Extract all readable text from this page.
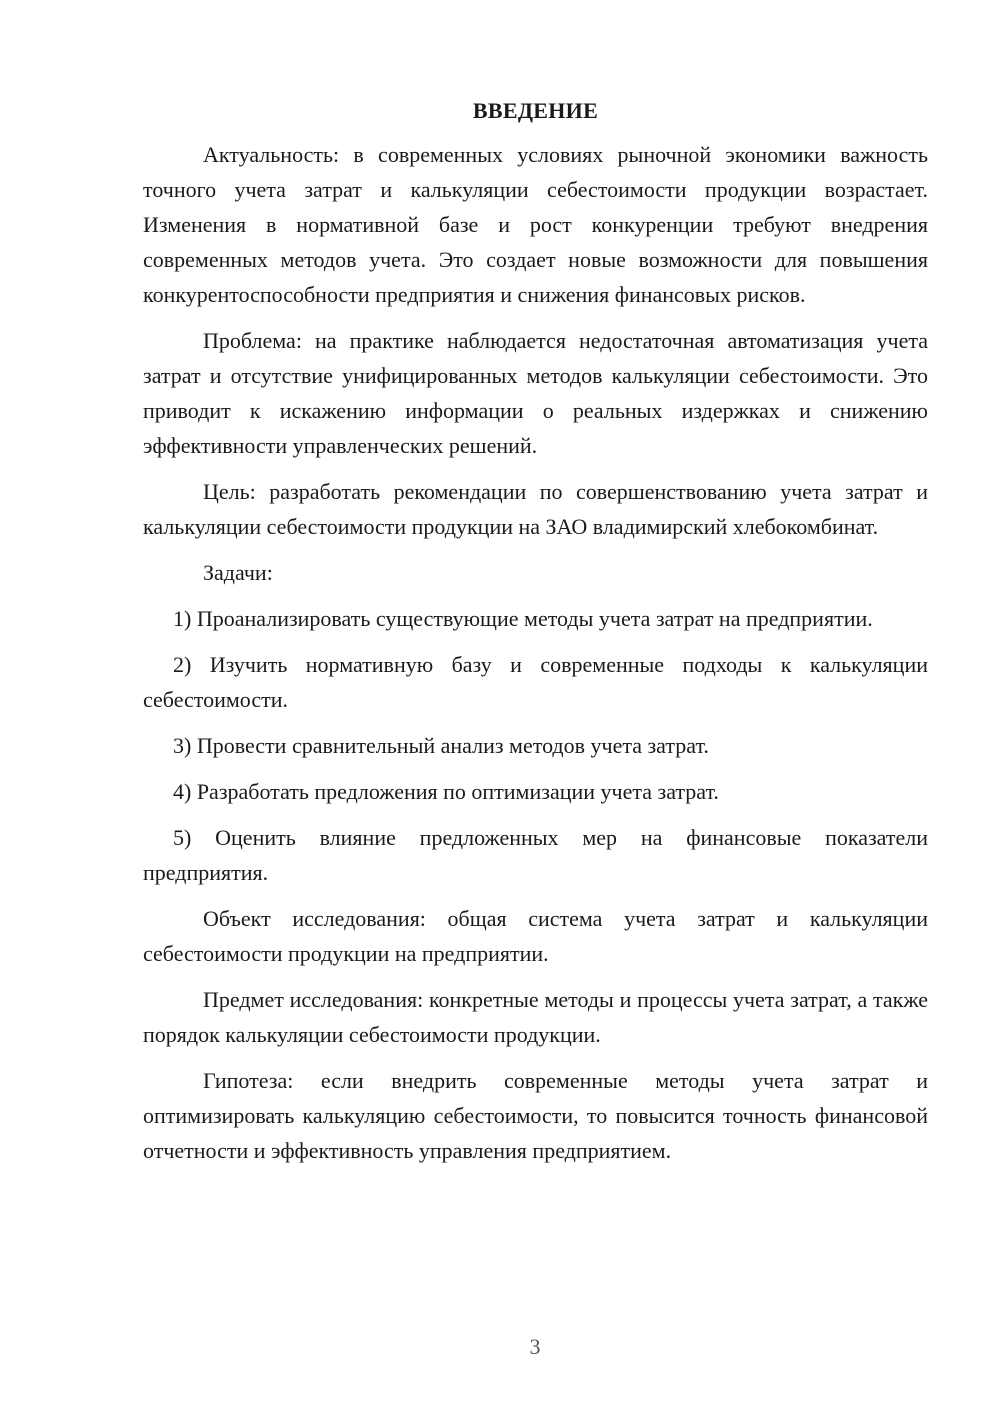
ВВЕДЕНИЕ

Актуальность: в современных условиях рыночной экономики важность точного учета затрат и калькуляции себестоимости продукции возрастает. Изменения в нормативной базе и рост конкуренции требуют внедрения современных методов учета. Это создает новые возможности для повышения конкурентоспособности предприятия и снижения финансовых рисков.

Проблема: на практике наблюдается недостаточная автоматизация учета затрат и отсутствие унифицированных методов калькуляции себестоимости. Это приводит к искажению информации о реальных издержках и снижению эффективности управленческих решений.

Цель: разработать рекомендации по совершенствованию учета затрат и калькуляции себестоимости продукции на ЗАО владимирский хлебокомбинат.

Задачи:

1) Проанализировать существующие методы учета затрат на предприятии.

2) Изучить нормативную базу и современные подходы к калькуляции себестоимости.

3) Провести сравнительный анализ методов учета затрат.

4) Разработать предложения по оптимизации учета затрат.

5) Оценить влияние предложенных мер на финансовые показатели предприятия.

Объект исследования: общая система учета затрат и калькуляции себестоимости продукции на предприятии.

Предмет исследования: конкретные методы и процессы учета затрат, а также порядок калькуляции себестоимости продукции.

Гипотеза: если внедрить современные методы учета затрат и оптимизировать калькуляцию себестоимости, то повысится точность финансовой отчетности и эффективность управления предприятием.

3
